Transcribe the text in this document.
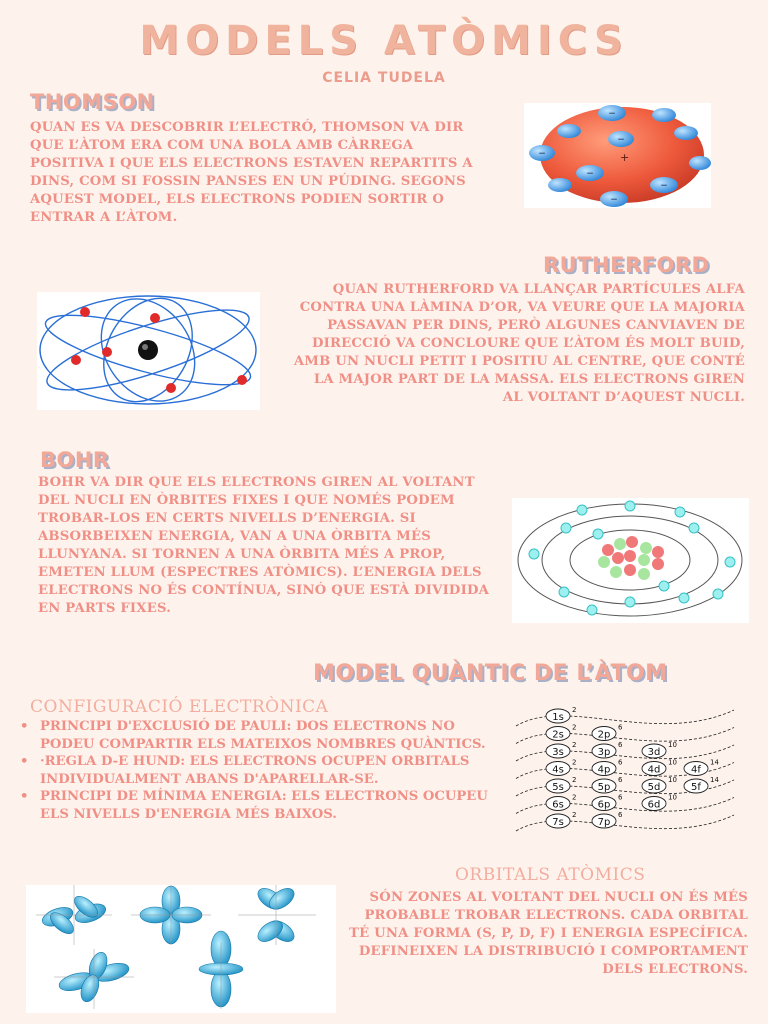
MODELS ATÒMICS
CELIA TUDELA
THOMSON
QUAN ES VA DESCOBRIR L’ELECTRÓ, THOMSON VA DIR QUE L’ÀTOM ERA COM UNA BOLA AMB CÀRREGA POSITIVA I QUE ELS ELECTRONS ESTAVEN REPARTITS A DINS, COM SI FOSSIN PANSES EN UN PÚDING. SEGONS AQUEST MODEL, ELS ELECTRONS PODIEN SORTIR O ENTRAR A L’ÀTOM.
+
−
−
−
−
−
−
RUTHERFORD
QUAN RUTHERFORD VA LLANÇAR PARTÍCULES ALFA CONTRA UNA LÀMINA D’OR, VA VEURE QUE LA MAJORIA PASSAVAN PER DINS, PERÒ ALGUNES CANVIAVEN DE DIRECCIÓ VA CONCLOURE QUE L’ÀTOM ÉS MOLT BUID, AMB UN NUCLI PETIT I POSITIU AL CENTRE, QUE CONTÉ LA MAJOR PART DE LA MASSA. ELS ELECTRONS GIREN AL VOLTANT D’AQUEST NUCLI.
BOHR
BOHR VA DIR QUE ELS ELECTRONS GIREN AL VOLTANT DEL NUCLI EN ÒRBITES FIXES I QUE NOMÉS PODEM TROBAR-LOS EN CERTS NIVELLS D’ENERGIA. SI ABSORBEIXEN ENERGIA, VAN A UNA ÒRBITA MÉS LLUNYANA. SI TORNEN A UNA ÒRBITA MÉS A PROP, EMETEN LLUM (ESPECTRES ATÒMICS). L’ENERGIA DELS ELECTRONS NO ÉS CONTÍNUA, SINÓ QUE ESTÀ DIVIDIDA EN PARTS FIXES.
MODEL QUÀNTIC DE L’ÀTOM
CONFIGURACIÓ ELECTRÒNICA
• PRINCIPI D'EXCLUSIÓ DE PAULI: DOS ELECTRONS NO PODEU COMPARTIR ELS MATEIXOS NOMBRES QUÀNTICS.
• ·REGLA D-E HUND: ELS ELECTRONS OCUPEN ORBITALS INDIVIDUALMENT ABANS D'APARELLAR-SE.
• PRINCIPI DE MÍNIMA ENERGIA: ELS ELECTRONS OCUPEU ELS NIVELLS D'ENERGIA MÉS BAIXOS.
1s
2
2s
2
2p
6
3s
2
3p
6
3d
10
4s
2
4p
6
4d
10
4f
14
5s
2
5p
6
5d
10
5f
14
6s
2
6p
6
6d
10
7s
2
7p
6
ORBITALS ATÒMICS
SÓN ZONES AL VOLTANT DEL NUCLI ON ÉS MÉS PROBABLE TROBAR ELECTRONS. CADA ORBITAL TÉ UNA FORMA (S, P, D, F) I ENERGIA ESPECÍFICA. DEFINEIXEN LA DISTRIBUCIÓ I COMPORTAMENT DELS ELECTRONS.
